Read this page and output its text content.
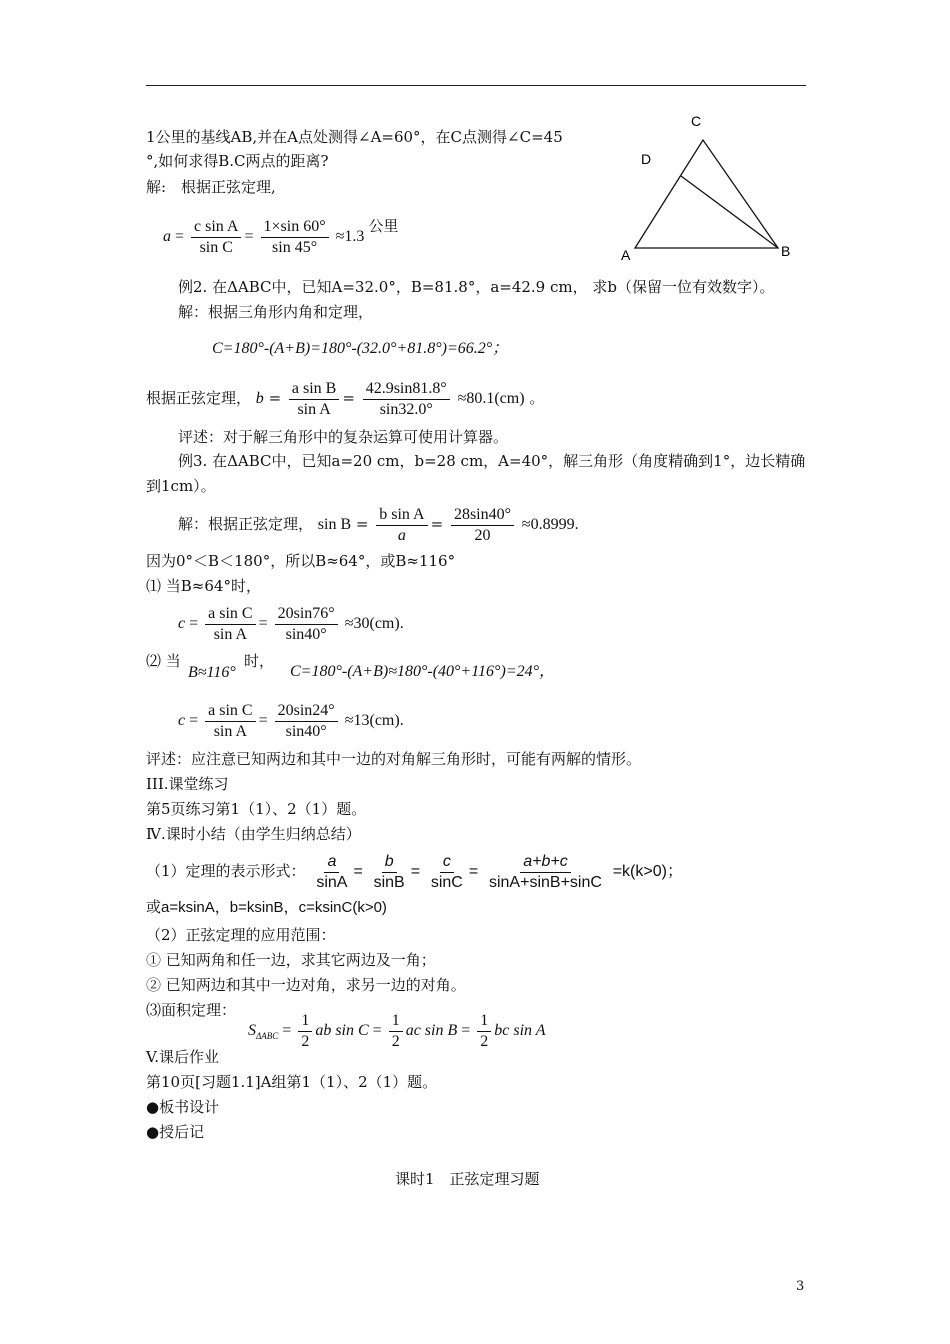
1公里的基线AB,并在A点处测得∠A=60°，在C点测得∠C=45
°,如何求得B.C两点的距离?
解:　根据正弦定理,
$a = \frac{\text{c sin A}}{\text{sin C}} = \frac{1\times\sin 60^\circ}{\sin 45^\circ} \approx 1.3$ 公里
C
D
A	B
例2. 在ΔABC中，已知A=32.0°，B=81.8°，a=42.9 cm， 求b（保留一位有效数字）。
解：根据三角形内角和定理，
C=180°-(A+B)=180°-(32.0°+81.8°)=66.2°；
根据正弦定理， $b = \frac{\text{a sin B}}{\text{sin A}} = \frac{42.9\sin 81.8^\circ}{\sin 32.0^\circ} \approx 80.1(cm)$ 。
评述：对于解三角形中的复杂运算可使用计算器。
例3. 在ΔABC中，已知a=20 cm，b=28 cm，A=40°，解三角形（角度精确到1°，边长精确
到1cm）。
解：根据正弦定理， $\sin B = \frac{\text{b sin A}}{a} = \frac{28\sin 40^\circ}{20} \approx 0.8999$.
因为0°＜B＜180°，所以B≈64°，或B≈116°
⑴ 当B≈64°时，
$c = \frac{\text{a sin C}}{\text{sin A}} = \frac{20\sin 76^\circ}{\sin 40^\circ} \approx 30(cm)$.
⑵ 当	时，
B≈116°	C=180°-(A+B)≈180°-(40°+116°)=24°，
$c = \frac{\text{a sin C}}{\text{sin A}} = \frac{20\sin 24^\circ}{\sin 40^\circ} \approx 13(cm)$.
评述：应注意已知两边和其中一边的对角解三角形时，可能有两解的情形。
III.课堂练习
第5页练习第1（1）、2（1）题。
Ⅳ.课时小结（由学生归纳总结）
（1）定理的表示形式： $\frac{a}{\sin A} = \frac{b}{\sin B} = \frac{c}{\sin C} = \frac{a+b+c}{\sin A+\sin B+\sin C} =k(k>0)$；
或a=ksinA，b=ksinB，c=ksinC(k>0)
（2）正弦定理的应用范围：
① 已知两角和任一边，求其它两边及一角；
② 已知两边和其中一边对角，求另一边的对角。
⑶面积定理：
$S_{\Delta ABC} = \frac{1}{2}$ ab $\sin C = \frac{1}{2}$ ac $\sin B = \frac{1}{2}$ bc sin A
V.课后作业
第10页[习题1.1]A组第1（1）、2（1）题。
●板书设计
●授后记
课时1　正弦定理习题
3
